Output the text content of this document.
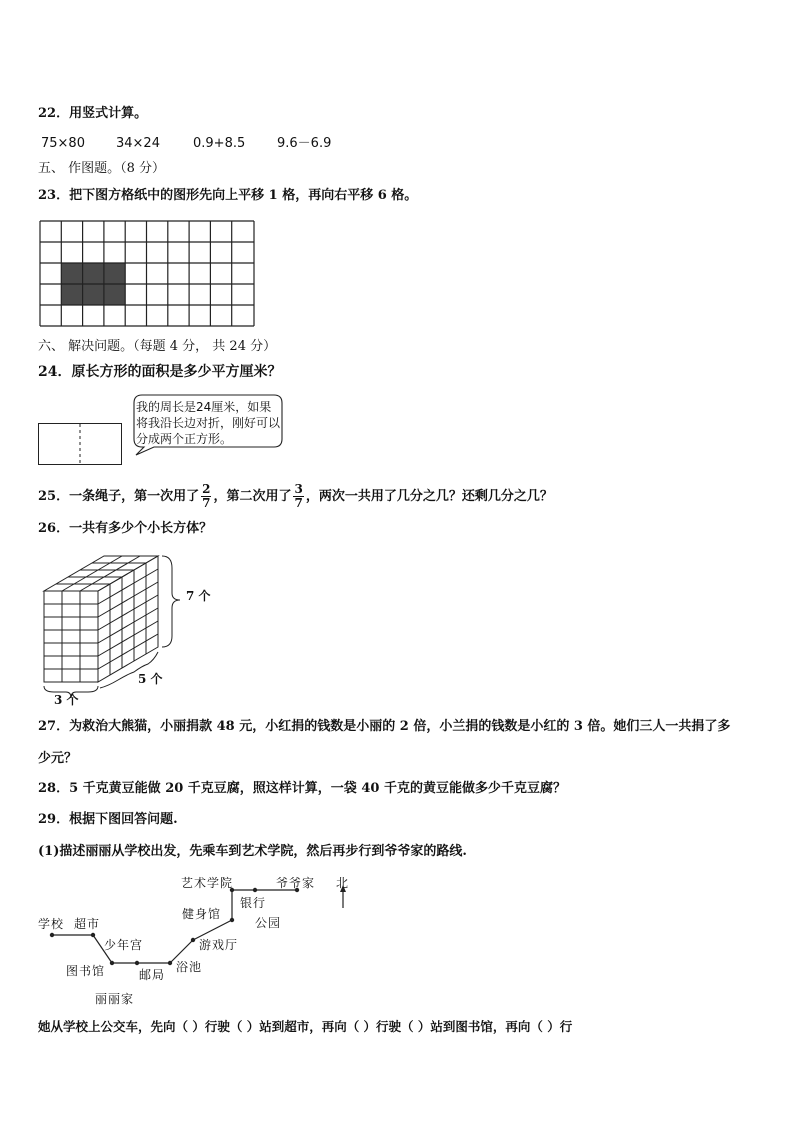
22．用竖式计算。
75×80 34×24	0.9+8.5 9.6－6.9
五、 作图题。（8 分）
23．把下图方格纸中的图形先向上平移 1 格，再向右平移 6 格。
六、 解决问题。（每题 4 分， 共 24 分）
24．原长方形的面积是多少平方厘米？
我的周长是24厘米，如果将我沿长边对折，刚好可以分成两个正方形。
25．一条绳子，第一次用了 $\frac{2}{7}$ ，第二次用了 $\frac{3}{7}$ ，两次一共用了几分之几？还剩几分之几？
26．一共有多少个小长方体？
7 个
5 个
3 个
27．为救治大熊猫，小丽捐款 48 元，小红捐的钱数是小丽的 2 倍，小兰捐的钱数是小红的 3 倍。她们三人一共捐了多
少元？
28．5 千克黄豆能做 20 千克豆腐，照这样计算，一袋 40 千克的黄豆能做多少千克豆腐？
29．根据下图回答问题.
(1)描述丽丽从学校出发，先乘车到艺术学院，然后再步行到爷爷家的路线.
艺术学院	爷爷家 北
银行
健身馆
公园
学校 超市
少年宫	游戏厅
图书馆	邮局
浴池
丽丽家
她从学校上公交车，先向（ ）行驶（ ）站到超市，再向（ ）行驶（ ）站到图书馆，再向（ ）行
